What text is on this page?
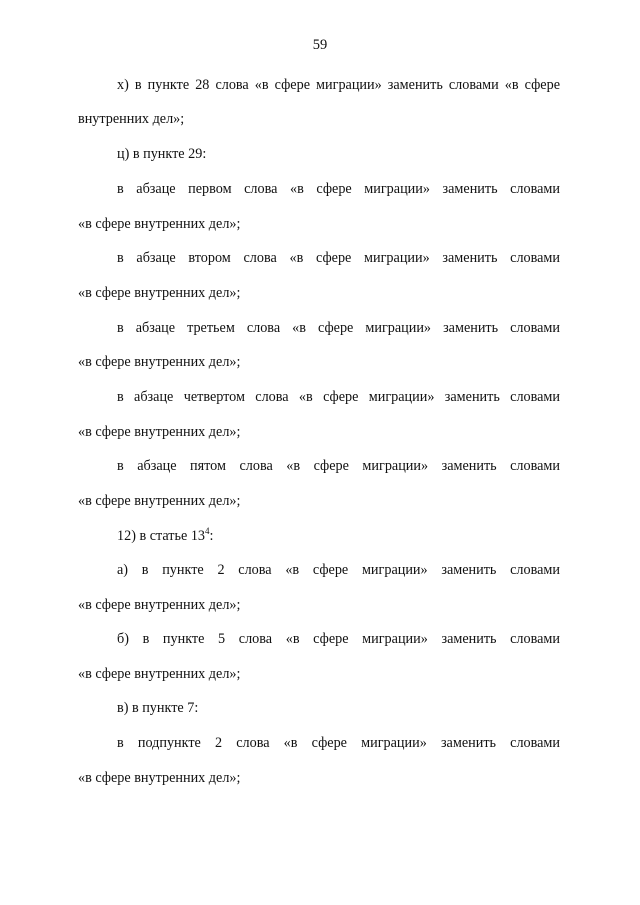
59
х) в пункте 28 слова «в сфере миграции» заменить словами «в сфере
внутренних дел»;
ц) в пункте 29:
в абзаце первом слова «в сфере миграции» заменить словами
«в сфере внутренних дел»;
в абзаце втором слова «в сфере миграции» заменить словами
«в сфере внутренних дел»;
в абзаце третьем слова «в сфере миграции» заменить словами
«в сфере внутренних дел»;
в абзаце четвертом слова «в сфере миграции» заменить словами
«в сфере внутренних дел»;
в абзаце пятом слова «в сфере миграции» заменить словами
«в сфере внутренних дел»;
12) в статье $13^4$:
а) в пункте 2 слова «в сфере миграции» заменить словами
«в сфере внутренних дел»;
б) в пункте 5 слова «в сфере миграции» заменить словами
«в сфере внутренних дел»;
в) в пункте 7:
в подпункте 2 слова «в сфере миграции» заменить словами
«в сфере внутренних дел»;
